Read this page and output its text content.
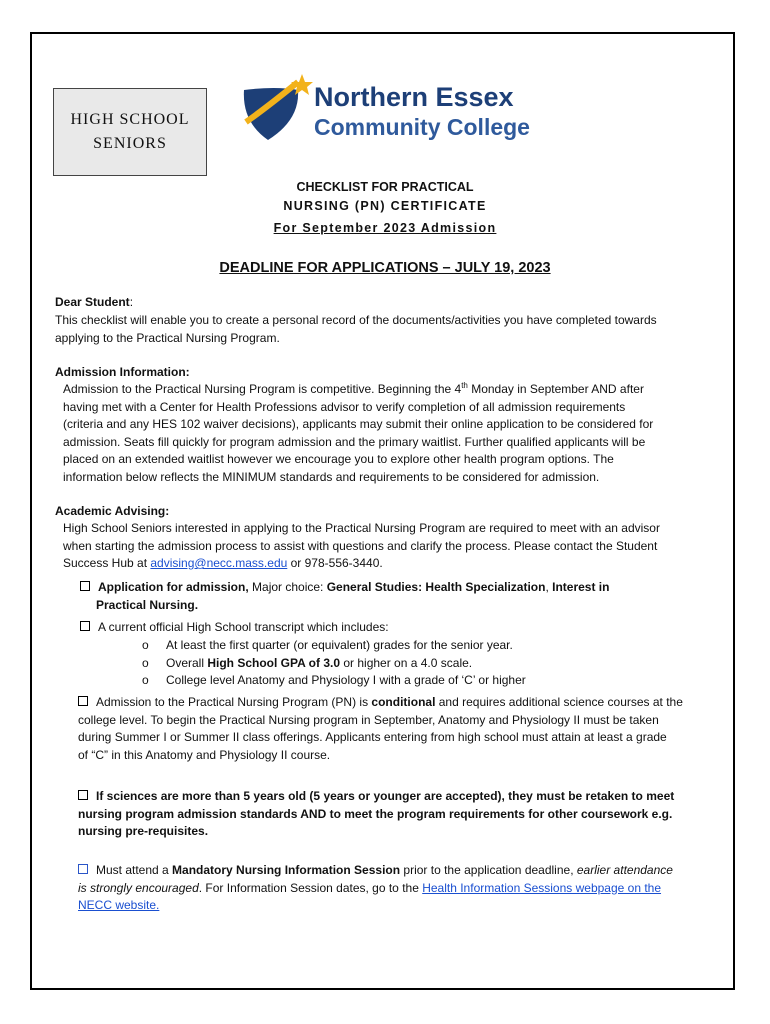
HIGH SCHOOL
SENIORS
Northern Essex
Community College
CHECKLIST FOR PRACTICAL
NURSING (PN) CERTIFICATE
For September 2023 Admission
DEADLINE FOR APPLICATIONS – JULY 19, 2023
Dear Student:
This checklist will enable you to create a personal record of the documents/activities you have completed towards
applying to the Practical Nursing Program.
Admission Information:
Admission to the Practical Nursing Program is competitive. Beginning the 4th Monday in September AND after
having met with a Center for Health Professions advisor to verify completion of all admission requirements
(criteria and any HES 102 waiver decisions), applicants may submit their online application to be considered for
admission. Seats fill quickly for program admission and the primary waitlist. Further qualified applicants will be
placed on an extended waitlist however we encourage you to explore other health program options. The
information below reflects the MINIMUM standards and requirements to be considered for admission.
Academic Advising:
High School Seniors interested in applying to the Practical Nursing Program are required to meet with an advisor
when starting the admission process to assist with questions and clarify the process. Please contact the Student
Success Hub at advising@necc.mass.edu or 978-556-3440.
Application for admission, Major choice: General Studies: Health Specialization, Interest in
Practical Nursing.
A current official High School transcript which includes:
o At least the first quarter (or equivalent) grades for the senior year.
o Overall High School GPA of 3.0 or higher on a 4.0 scale.
o College level Anatomy and Physiology I with a grade of ‘C’ or higher
Admission to the Practical Nursing Program (PN) is conditional and requires additional science courses at the
college level. To begin the Practical Nursing program in September, Anatomy and Physiology II must be taken
during Summer I or Summer II class offerings. Applicants entering from high school must attain at least a grade
of “C” in this Anatomy and Physiology II course.
If sciences are more than 5 years old (5 years or younger are accepted), they must be retaken to meet
nursing program admission standards AND to meet the program requirements for other coursework e.g.
nursing pre-requisites.
Must attend a Mandatory Nursing Information Session prior to the application deadline, earlier attendance
is strongly encouraged. For Information Session dates, go to the Health Information Sessions webpage on the
NECC website.
